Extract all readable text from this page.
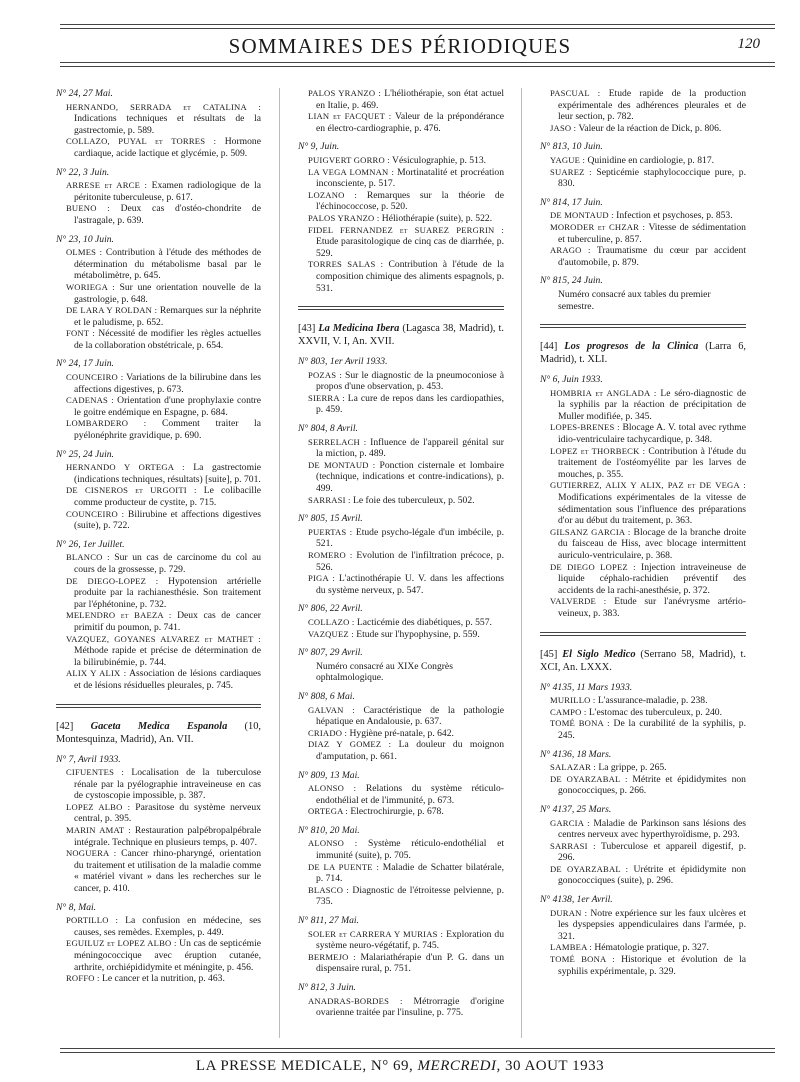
SOMMAIRES DES PÉRIODIQUES	120

N° 24, 27 Mai.

HERNANDO, SERRADA et CATALINA : Indications techniques et résultats de la gastrectomie, p. 589.

COLLAZO, PUYAL et TORRES : Hormone cardiaque, acide lactique et glycémie, p. 509.

N° 22, 3 Juin.

ARRESE et ARCE : Examen radiologique de la péritonite tuberculeuse, p. 617.

BUENO : Deux cas d'ostéo-chondrite de l'astragale, p. 639.

N° 23, 10 Juin.

OLMES : Contribution à l'étude des méthodes de détermination du métabolisme basal par le métabolimètre, p. 645.

WORIEGA : Sur une orientation nouvelle de la gastrologie, p. 648.

DE LARA Y ROLDAN : Remarques sur la néphrite et le paludisme, p. 652.

FONT : Nécessité de modifier les règles actuelles de la collaboration obstétricale, p. 654.

N° 24, 17 Juin.

COUNCEIRO : Variations de la bilirubine dans les affections digestives, p. 673.

CADENAS : Orientation d'une prophylaxie contre le goitre endémique en Espagne, p. 684.

LOMBARDERO : Comment traiter la pyélonéphrite gravidique, p. 690.

N° 25, 24 Juin.

HERNANDO Y ORTEGA : La gastrectomie (indications techniques, résultats) [suite], p. 701.

DE CISNEROS et URGOITI : Le colibacille comme producteur de cystite, p. 715.

COUNCEIRO : Bilirubine et affections digestives (suite), p. 722.

N° 26, 1er Juillet.

BLANCO : Sur un cas de carcinome du col au cours de la grossesse, p. 729.

DE DIEGO-LOPEZ : Hypotension artérielle produite par la rachianesthésie. Son traitement par l'éphétonine, p. 732.

MELENDRO et BAEZA : Deux cas de cancer primitif du poumon, p. 741.

VAZQUEZ, GOYANES ALVAREZ et MATHET : Méthode rapide et précise de détermination de la bilirubinémie, p. 744.

ALIX Y ALIX : Association de lésions cardiaques et de lésions résiduelles pleurales, p. 745.

[42] Gaceta Medica Espanola (10, Montesquinza, Madrid), An. VII.

N° 7, Avril 1933.

CIFUENTES : Localisation de la tuberculose rénale par la pyélographie intraveineuse en cas de cystoscopie impossible, p. 387.

LOPEZ ALBO : Parasitose du système nerveux central, p. 395.

MARIN AMAT : Restauration palpébropalpébrale intégrale. Technique en plusieurs temps, p. 407.

NOGUERA : Cancer rhino-pharyngé, orientation du traitement et utilisation de la maladie comme « matériel vivant » dans les recherches sur le cancer, p. 410.

N° 8, Mai.

PORTILLO : La confusion en médecine, ses causes, ses remèdes. Exemples, p. 449.

EGUILUZ et LOPEZ ALBO : Un cas de septicémie méningococcique avec éruption cutanée, arthrite, orchiépididymite et méningite, p. 456.

ROFFO : Le cancer et la nutrition, p. 463.

PALOS YRANZO : L'héliothérapie, son état actuel en Italie, p. 469.

LIAN et FACQUET : Valeur de la prépondérance en électro-cardiographie, p. 476.

N° 9, Juin.

PUIGVERT GORRO : Vésiculographie, p. 513.

LA VEGA LOMNAN : Mortinatalité et procréation inconsciente, p. 517.

LOZANO : Remarques sur la théorie de l'échinococcose, p. 520.

PALOS YRANZO : Héliothérapie (suite), p. 522.

FIDEL FERNANDEZ et SUAREZ PERGRIN : Etude parasitologique de cinq cas de diarrhée, p. 529.

TORRES SALAS : Contribution à l'étude de la composition chimique des aliments espagnols, p. 531.

[43] La Medicina Ibera (Lagasca 38, Madrid), t. XXVII, V. I, An. XVII.

N° 803, 1er Avril 1933.

POZAS : Sur le diagnostic de la pneumoconiose à propos d'une observation, p. 453.

SIERRA : La cure de repos dans les cardiopathies, p. 459.

N° 804, 8 Avril.

SERRELACH : Influence de l'appareil génital sur la miction, p. 489.

DE MONTAUD : Ponction cisternale et lombaire (technique, indications et contre-indications), p. 499.

SARRASI : Le foie des tuberculeux, p. 502.

N° 805, 15 Avril.

PUERTAS : Etude psycho-légale d'un imbécile, p. 521.

ROMERO : Evolution de l'infiltration précoce, p. 526.

PIGA : L'actinothérapie U. V. dans les affections du système nerveux, p. 547.

N° 806, 22 Avril.

COLLAZO : Lacticémie des diabétiques, p. 557.

VAZQUEZ : Etude sur l'hypophysine, p. 559.

N° 807, 29 Avril.

Numéro consacré au XIXe Congrès ophtalmologique.

N° 808, 6 Mai.

GALVAN : Caractéristique de la pathologie hépatique en Andalousie, p. 637.

CRIADO : Hygiène pré-natale, p. 642.

DIAZ Y GOMEZ : La douleur du moignon d'amputation, p. 661.

N° 809, 13 Mai.

ALONSO : Relations du système réticulo-endothélial et de l'immunité, p. 673.

ORTEGA : Electrochirurgie, p. 678.

N° 810, 20 Mai.

ALONSO : Système réticulo-endothélial et immunité (suite), p. 705.

DE LA PUENTE : Maladie de Schatter bilatérale, p. 714.

BLASCO : Diagnostic de l'étroitesse pelvienne, p. 735.

N° 811, 27 Mai.

SOLER et CARRERA Y MURIAS : Exploration du système neuro-végétatif, p. 745.

BERMEJO : Malariathérapie d'un P. G. dans un dispensaire rural, p. 751.

N° 812, 3 Juin.

ANADRAS-BORDES : Métrorragie d'origine ovarienne traitée par l'insuline, p. 775.

PASCUAL : Etude rapide de la production expérimentale des adhérences pleurales et de leur section, p. 782.

JASO : Valeur de la réaction de Dick, p. 806.

N° 813, 10 Juin.

YAGUE : Quinidine en cardiologie, p. 817.

SUAREZ : Septicémie staphylococcique pure, p. 830.

N° 814, 17 Juin.

DE MONTAUD : Infection et psychoses, p. 853.

MORODER et CHZAR : Vitesse de sédimentation et tuberculine, p. 857.

ARAGO : Traumatisme du cœur par accident d'automobile, p. 879.

N° 815, 24 Juin.

Numéro consacré aux tables du premier semestre.

[44] Los progresos de la Clinica (Larra 6, Madrid), t. XLI.

N° 6, Juin 1933.

HOMBRIA et ANGLADA : Le séro-diagnostic de la syphilis par la réaction de précipitation de Muller modifiée, p. 345.

LOPES-BRENES : Blocage A. V. total avec rythme idio-ventriculaire tachycardique, p. 348.

LOPEZ et THORBECK : Contribution à l'étude du traitement de l'ostéomyélite par les larves de mouches, p. 355.

GUTIERREZ, ALIX Y ALIX, PAZ et DE VEGA : Modifications expérimentales de la vitesse de sédimentation sous l'influence des préparations d'or au début du traitement, p. 363.

GILSANZ GARCIA : Blocage de la branche droite du faisceau de Hiss, avec blocage intermittent auriculo-ventriculaire, p. 368.

DE DIEGO LOPEZ : Injection intraveineuse de liquide céphalo-rachidien préventif des accidents de la rachi-anesthésie, p. 372.

VALVERDE : Etude sur l'anévrysme artério-veineux, p. 383.

[45] El Siglo Medico (Serrano 58, Madrid), t. XCI, An. LXXX.

N° 4135, 11 Mars 1933.

MURILLO : L'assurance-maladie, p. 238.

CAMPO : L'estomac des tuberculeux, p. 240.

TOMÉ BONA : De la curabilité de la syphilis, p. 245.

N° 4136, 18 Mars.

SALAZAR : La grippe, p. 265.

DE OYARZABAL : Métrite et épididymites non gonococciques, p. 266.

N° 4137, 25 Mars.

GARCIA : Maladie de Parkinson sans lésions des centres nerveux avec hyperthyroïdisme, p. 293.

SARRASI : Tuberculose et appareil digestif, p. 296.

DE OYARZABAL : Urétrite et épididymite non gonococciques (suite), p. 296.

N° 4138, 1er Avril.

DURAN : Notre expérience sur les faux ulcères et les dyspepsies appendiculaires dans l'armée, p. 321.

LAMBEA : Hématologie pratique, p. 327.

TOMÉ BONA : Historique et évolution de la syphilis expérimentale, p. 329.

LA PRESSE MEDICALE, N° 69, MERCREDI, 30 AOUT 1933
